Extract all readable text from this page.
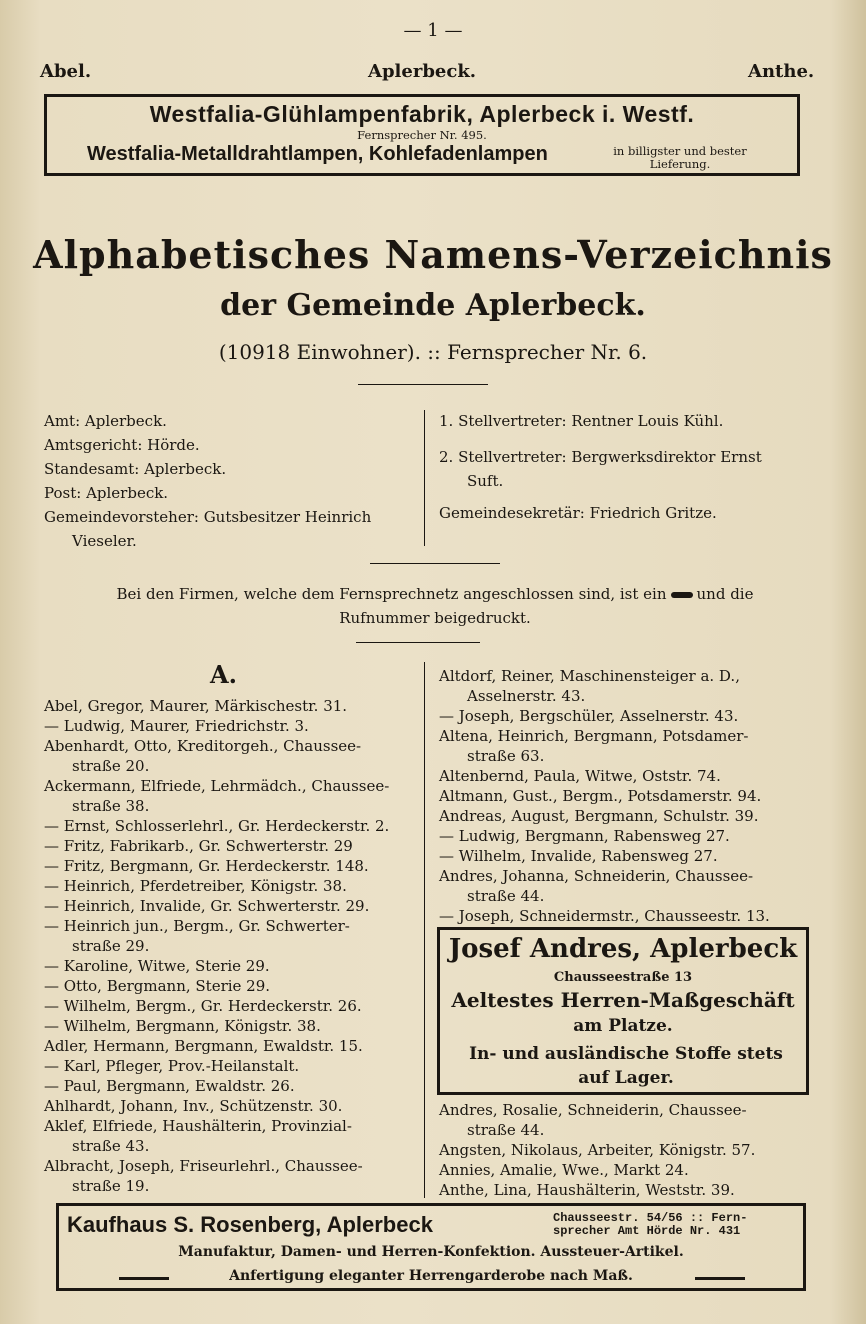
— 1 —
Abel.	Aplerbeck.	Anthe.
Westfalia-Glühlampenfabrik, Aplerbeck i. Westf.
Fernsprecher Nr. 495.
Westfalia-Metalldrahtlampen, Kohlefadenlampen	in billigster und bester
Lieferung.
Alphabetisches Namens-Verzeichnis
der Gemeinde Aplerbeck.
(10918 Einwohner). :: Fernsprecher Nr. 6.
Amt: Aplerbeck.
Amtsgericht: Hörde.
Standesamt: Aplerbeck.
Post: Aplerbeck.
Gemeindevorsteher: Gutsbesitzer Heinrich
Vieseler.
1. Stellvertreter: Rentner Louis Kühl.
2. Stellvertreter: Bergwerksdirektor Ernst
Suft.
Gemeindesekretär: Friedrich Gritze.
Bei den Firmen, welche dem Fernsprechnetz angeschlossen sind, ist ein und die
Rufnummer beigedruckt.
A.
Abel, Gregor, Maurer, Märkischestr. 31.
— Ludwig, Maurer, Friedrichstr. 3.
Abenhardt, Otto, Kreditorgeh., Chaussee-
straße 20.
Ackermann, Elfriede, Lehrmädch., Chaussee-
straße 38.
— Ernst, Schlosserlehrl., Gr. Herdeckerstr. 2.
— Fritz, Fabrikarb., Gr. Schwerterstr. 29
— Fritz, Bergmann, Gr. Herdeckerstr. 148.
— Heinrich, Pferdetreiber, Königstr. 38.
— Heinrich, Invalide, Gr. Schwerterstr. 29.
— Heinrich jun., Bergm., Gr. Schwerter-
straße 29.
— Karoline, Witwe, Sterie 29.
— Otto, Bergmann, Sterie 29.
— Wilhelm, Bergm., Gr. Herdeckerstr. 26.
— Wilhelm, Bergmann, Königstr. 38.
Adler, Hermann, Bergmann, Ewaldstr. 15.
— Karl, Pfleger, Prov.-Heilanstalt.
— Paul, Bergmann, Ewaldstr. 26.
Ahlhardt, Johann, Inv., Schützenstr. 30.
Aklef, Elfriede, Haushälterin, Provinzial-
straße 43.
Albracht, Joseph, Friseurlehrl., Chaussee-
straße 19.
Altdorf, Reiner, Maschinensteiger a. D.,
Asselnerstr. 43.
— Joseph, Bergschüler, Asselnerstr. 43.
Altena, Heinrich, Bergmann, Potsdamer-
straße 63.
Altenbernd, Paula, Witwe, Oststr. 74.
Altmann, Gust., Bergm., Potsdamerstr. 94.
Andreas, August, Bergmann, Schulstr. 39.
— Ludwig, Bergmann, Rabensweg 27.
— Wilhelm, Invalide, Rabensweg 27.
Andres, Johanna, Schneiderin, Chaussee-
straße 44.
— Joseph, Schneidermstr., Chausseestr. 13.
Josef Andres, Aplerbeck
Chausseestraße 13
Aeltestes Herren-Maßgeschäft
am Platze.
In- und ausländische Stoffe stets auf Lager.
Andres, Rosalie, Schneiderin, Chaussee-
straße 44.
Angsten, Nikolaus, Arbeiter, Königstr. 57.
Annies, Amalie, Wwe., Markt 24.
Anthe, Lina, Haushälterin, Weststr. 39.
Kaufhaus S. Rosenberg, Aplerbeck	Chausseestr. 54/56 :: Fern-
sprecher Amt Hörde Nr. 431
Manufaktur, Damen- und Herren-Konfektion. Aussteuer-Artikel.
Anfertigung eleganter Herrengarderobe nach Maß.
